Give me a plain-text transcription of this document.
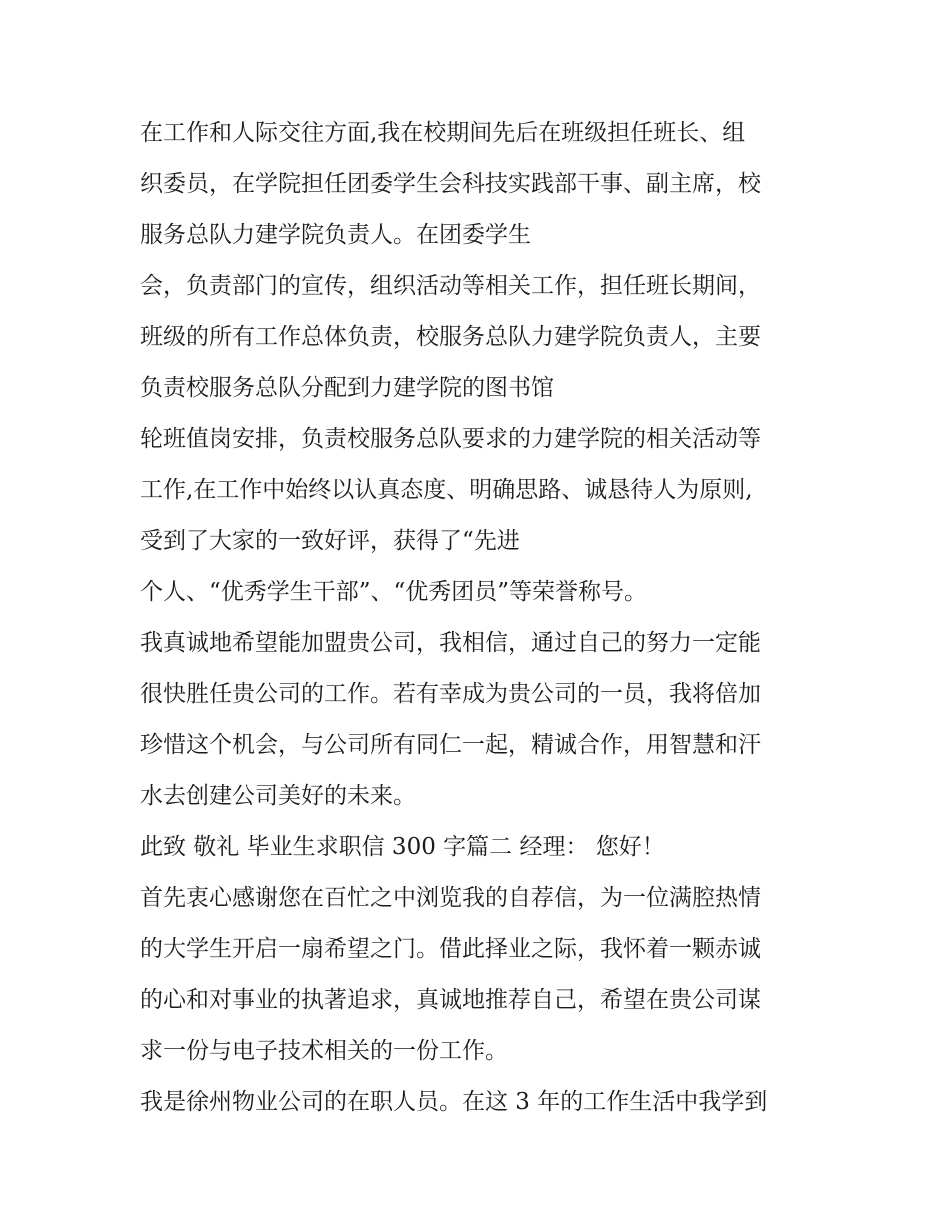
在工作和人际交往方面,我在校期间先后在班级担任班长、组
织委员，在学院担任团委学生会科技实践部干事、副主席，校
服务总队力建学院负责人。在团委学生
会，负责部门的宣传，组织活动等相关工作，担任班长期间，
班级的所有工作总体负责，校服务总队力建学院负责人，主要
负责校服务总队分配到力建学院的图书馆
轮班值岗安排，负责校服务总队要求的力建学院的相关活动等
工作,在工作中始终以认真态度、明确思路、诚恳待人为原则,
受到了大家的一致好评，获得了“先进
个人、“优秀学生干部”、“优秀团员”等荣誉称号。
我真诚地希望能加盟贵公司，我相信，通过自己的努力一定能
很快胜任贵公司的工作。若有幸成为贵公司的一员，我将倍加
珍惜这个机会，与公司所有同仁一起，精诚合作，用智慧和汗
水去创建公司美好的未来。
此致 敬礼 毕业生求职信 300 字篇二 经理： 您好！
首先衷心感谢您在百忙之中浏览我的自荐信，为一位满腔热情
的大学生开启一扇希望之门。借此择业之际，我怀着一颗赤诚
的心和对事业的执著追求，真诚地推荐自己，希望在贵公司谋
求一份与电子技术相关的一份工作。
我是徐州物业公司的在职人员。在这 3 年的工作生活中我学到
